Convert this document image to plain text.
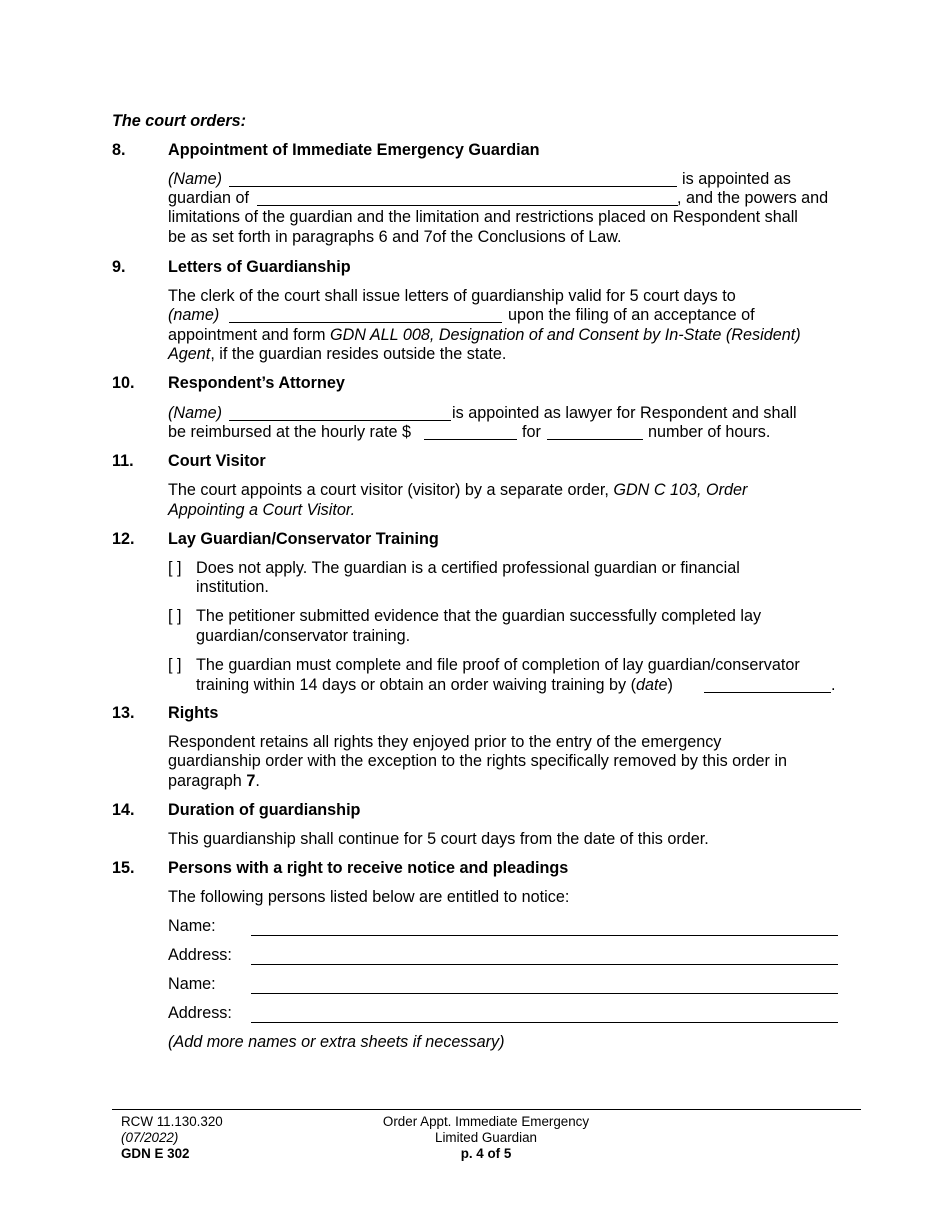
The court orders:
8.	Appointment of Immediate Emergency Guardian
(Name)	is appointed as
guardian of	, and the powers and
limitations of the guardian and the limitation and restrictions placed on Respondent shall
be as set forth in paragraphs 6 and 7of the Conclusions of Law.
9.	Letters of Guardianship
The clerk of the court shall issue letters of guardianship valid for 5 court days to
(name)	upon the filing of an acceptance of
appointment and form GDN ALL 008, Designation of and Consent by In-State (Resident)
Agent, if the guardian resides outside the state.
10. Respondent’s Attorney
(Name)	is appointed as lawyer for Respondent and shall
be reimbursed at the hourly rate $	for	number of hours.
11. Court Visitor
The court appoints a court visitor (visitor) by a separate order, GDN C 103, Order
Appointing a Court Visitor.
12. Lay Guardian/Conservator Training
[ ] Does not apply. The guardian is a certified professional guardian or financial
institution.
[ ] The petitioner submitted evidence that the guardian successfully completed lay
guardian/conservator training.
[ ] The guardian must complete and file proof of completion of lay guardian/conservator
training within 14 days or obtain an order waiving training by (date)	.
13. Rights
Respondent retains all rights they enjoyed prior to the entry of the emergency
guardianship order with the exception to the rights specifically removed by this order in
paragraph 7.
14. Duration of guardianship
This guardianship shall continue for 5 court days from the date of this order.
15. Persons with a right to receive notice and pleadings
The following persons listed below are entitled to notice:
Name:
Address:
Name:
Address:
(Add more names or extra sheets if necessary)
RCW 11.130.320
(07/2022)
GDN E 302
Order Appt. Immediate Emergency
Limited Guardian
p. 4 of 5
